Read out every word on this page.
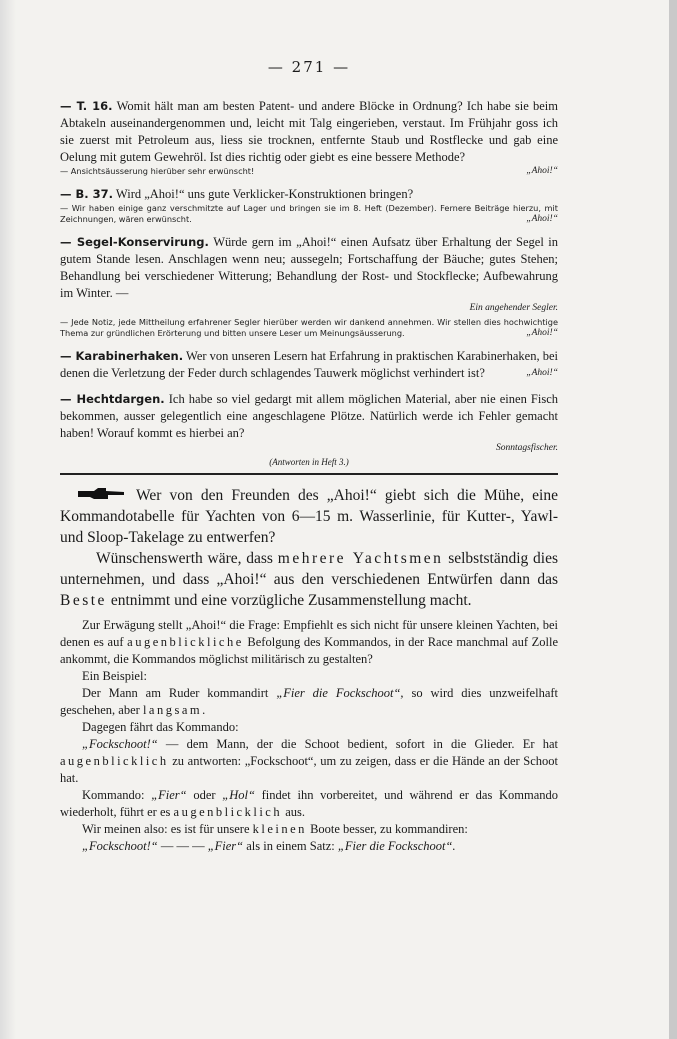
— 271 —
— T. 16. Womit hält man am besten Patent- und andere Blöcke in Ordnung? Ich habe sie beim Abtakeln auseinandergenommen und, leicht mit Talg eingerieben, verstaut. Im Frühjahr goss ich sie zuerst mit Petroleum aus, liess sie trocknen, entfernte Staub und Rostflecke und gab eine Oelung mit gutem Gewehröl. Ist dies richtig oder giebt es eine bessere Methode?
— Ansichtsäusserung hierüber sehr erwünscht!	„Ahoi!“
— B. 37. Wird „Ahoi!“ uns gute Verklicker-Konstruktionen bringen?
— Wir haben einige ganz verschmitzte auf Lager und bringen sie im 8. Heft (Dezember). Fernere Beiträge hierzu, mit Zeichnungen, wären erwünscht.	„Ahoi!“
— Segel-Konservirung. Würde gern im „Ahoi!“ einen Aufsatz über Erhaltung der Segel in gutem Stande lesen. Anschlagen wenn neu; aussegeln; Fortschaffung der Bäuche; gutes Stehen; Behandlung bei verschiedener Witterung; Behandlung der Rost- und Stockflecke; Aufbewahrung im Winter. —
Ein angehender Segler.
— Jede Notiz, jede Mittheilung erfahrener Segler hierüber werden wir dankend annehmen. Wir stellen dies hochwichtige Thema zur gründlichen Erörterung und bitten unsere Leser um Meinungsäusserung.	„Ahoi!“
— Karabinerhaken. Wer von unseren Lesern hat Erfahrung in praktischen Karabinerhaken, bei denen die Verletzung der Feder durch schlagendes Tauwerk möglichst verhindert ist?	„Ahoi!“
— Hechtdargen. Ich habe so viel gedargt mit allem möglichen Material, aber nie einen Fisch bekommen, ausser gelegentlich eine angeschlagene Plötze. Natürlich werde ich Fehler gemacht haben! Worauf kommt es hierbei an?
Sonntagsfischer.
(Antworten in Heft 3.)

Wer von den Freunden des „Ahoi!“ giebt sich die Mühe, eine Kommandotabelle für Yachten von 6—15 m. Wasserlinie, für Kutter-, Yawl- und Sloop-Takelage zu entwerfen?

Wünschenswerth wäre, dass mehrere Yachtsmen selbstständig dies unternehmen, und dass „Ahoi!“ aus den verschiedenen Entwürfen dann das Beste entnimmt und eine vorzügliche Zusammenstellung macht.

Zur Erwägung stellt „Ahoi!“ die Frage: Empfiehlt es sich nicht für unsere kleinen Yachten, bei denen es auf augenblickliche Befolgung des Kommandos, in der Race manchmal auf Zolle ankommt, die Kommandos möglichst militärisch zu gestalten?

Ein Beispiel:

Der Mann am Ruder kommandirt „Fier die Fockschoot“, so wird dies unzweifelhaft geschehen, aber langsam.

Dagegen fährt das Kommando:

„Fockschoot!“ — dem Mann, der die Schoot bedient, sofort in die Glieder. Er hat augenblicklich zu antworten: „Fockschoot“, um zu zeigen, dass er die Hände an der Schoot hat.

Kommando: „Fier“ oder „Hol“ findet ihn vorbereitet, und während er das Kommando wiederholt, führt er es augenblicklich aus.

Wir meinen also: es ist für unsere kleinen Boote besser, zu kommandiren:

„Fockschoot!“ — — — „Fier“ als in einem Satz: „Fier die Fockschoot“.
